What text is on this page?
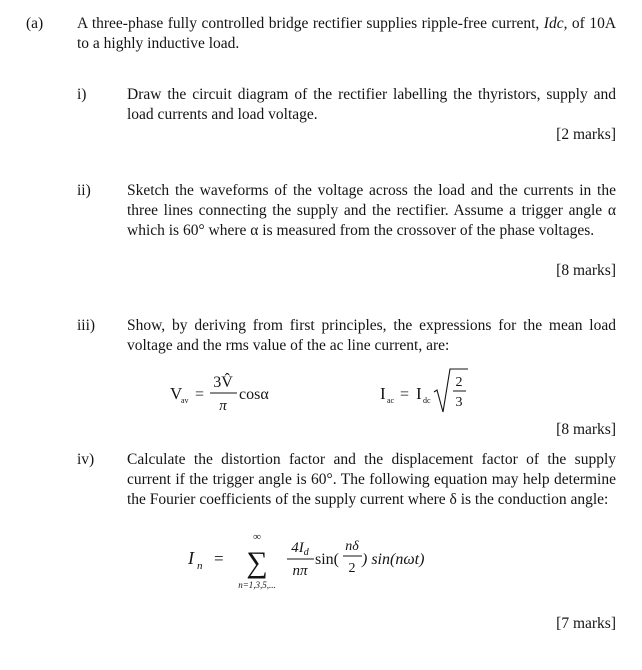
(a) A three-phase fully controlled bridge rectifier supplies ripple-free current, Idc, of 10A to a highly inductive load.
i)	Draw the circuit diagram of the rectifier labelling the thyristors, supply and load currents and load voltage.
[2 marks]
ii) Sketch the waveforms of the voltage across the load and the currents in the three lines connecting the supply and the rectifier. Assume a trigger angle α which is 60° where α is measured from the crossover of the phase voltages.
[8 marks]
iii) Show, by deriving from first principles, the expressions for the mean load voltage and the rms value of the ac line current, are:
V
av =
3V̂
π
cosα	I ac = I dc
2
3
[8 marks]
iv) Calculate the distortion factor and the displacement factor of the supply current if the trigger angle is 60°. The following equation may help determine the Fourier coefficients of the supply current where δ is the conduction angle:
I n =
∞
∑
n=1,3,5,...
$4I_d$
nπ
sin(
nδ
2
) sin(nωt)
[7 marks]
